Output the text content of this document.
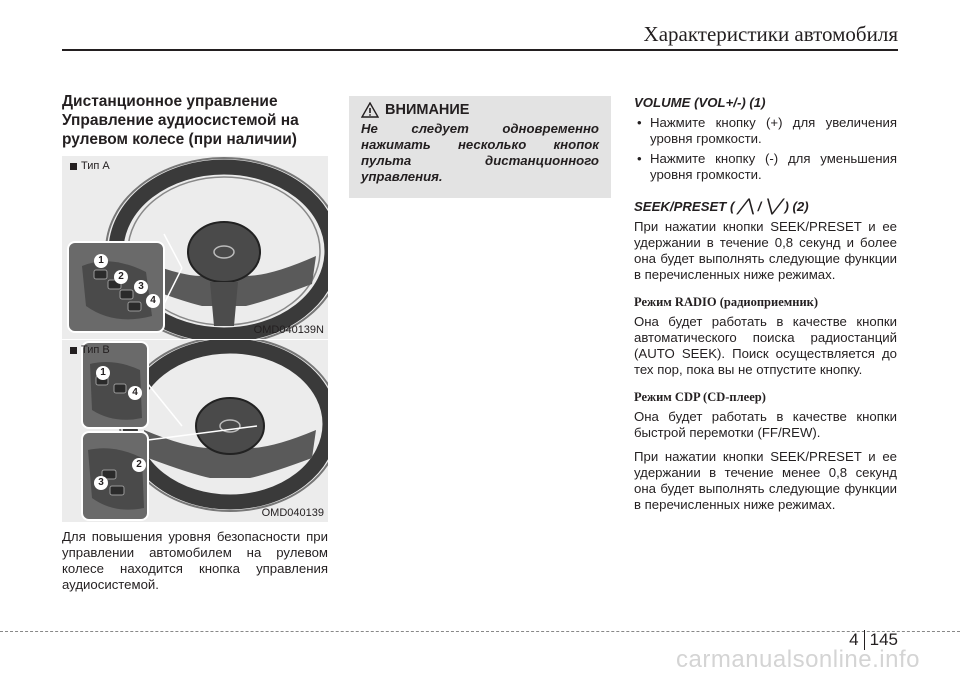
Характеристики автомобиля
Дистанционное управление
Управление аудиосистемой на
рулевом колесе (при наличии)
Тип А
1
2
3
4
OMD040139N
Тип B
1
4
2
3
OMD040139
Для повышения уровня безопасности при управлении автомобилем на рулевом колесе находится кнопка управления аудиосистемой.
ВНИМАНИЕ
Не следует одновременно нажимать несколько кнопок пульта дистанционного управления.
VOLUME (VOL+/-) (1)
• Нажмите кнопку (+) для увеличения уровня громкости.
• Нажмите кнопку (-) для уменьшения уровня громкости.
SEEK/PRESET ( ╱╲ / ╲╱ ) (2)
При нажатии кнопки SEEK/PRESET и ее удержании в течение 0,8 секунд и более она будет выполнять следующие функции в перечисленных ниже режимах.
Режим RADIO (радиоприемник)
Она будет работать в качестве кнопки автоматического поиска радиостанций (AUTO SEEK). Поиск осуществляется до тех пор, пока вы не отпустите кнопку.
Режим CDP (CD-плеер)
Она будет работать в качестве кнопки быстрой перемотки (FF/REW).
При нажатии кнопки SEEK/PRESET и ее удержании в течение менее 0,8 секунд она будет выполнять следующие функции в перечисленных ниже режимах.
4 145
carmanualsonline.info
